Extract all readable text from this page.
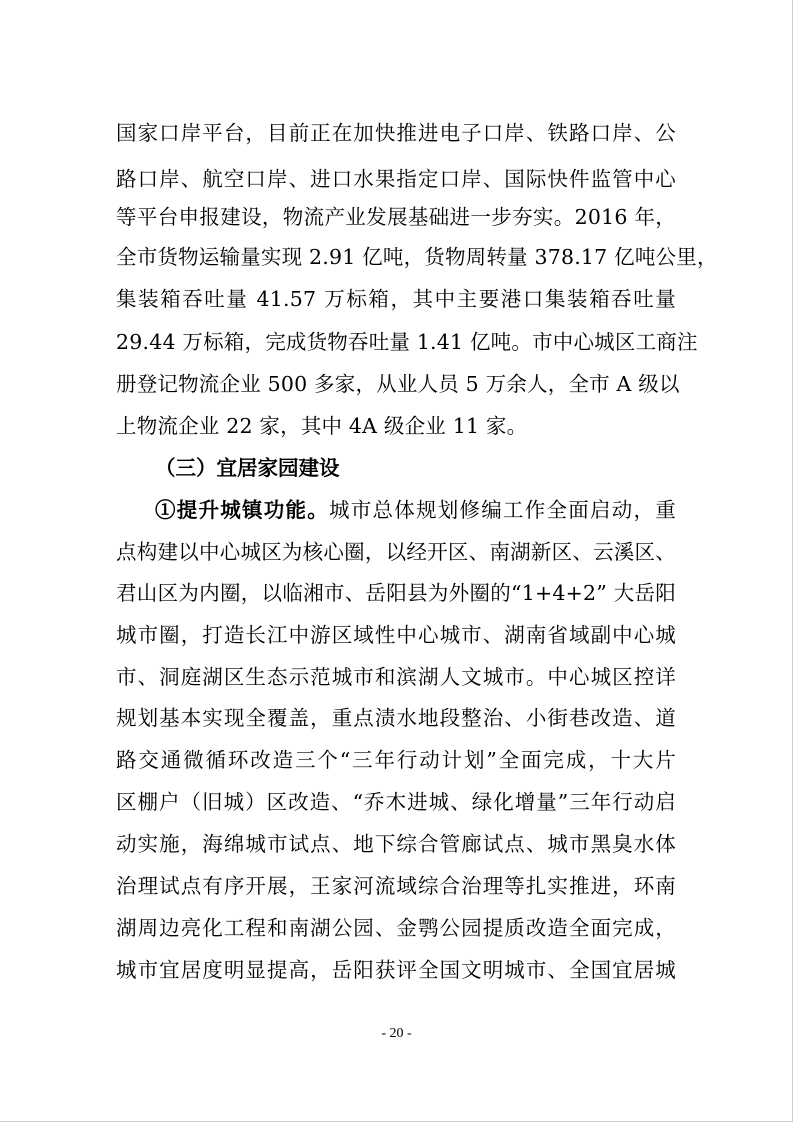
国家口岸平台，目前正在加快推进电子口岸、铁路口岸、公
路口岸、航空口岸、进口水果指定口岸、国际快件监管中心
等平台申报建设，物流产业发展基础进一步夯实。2016 年，
全市货物运输量实现 2.91 亿吨，货物周转量 378.17 亿吨公里，
集装箱吞吐量 41.57 万标箱，其中主要港口集装箱吞吐量
29.44 万标箱，完成货物吞吐量 1.41 亿吨。市中心城区工商注
册登记物流企业 500 多家，从业人员 5 万余人，全市 A 级以
上物流企业 22 家，其中 4A 级企业 11 家。
（三）宜居家园建设
①提升城镇功能。城市总体规划修编工作全面启动，重
点构建以中心城区为核心圈，以经开区、南湖新区、云溪区、
君山区为内圈，以临湘市、岳阳县为外圈的“1+4+2” 大岳阳
城市圈，打造长江中游区域性中心城市、湖南省域副中心城
市、洞庭湖区生态示范城市和滨湖人文城市。中心城区控详
规划基本实现全覆盖，重点渍水地段整治、小街巷改造、道
路交通微循环改造三个“三年行动计划”全面完成，十大片
区棚户（旧城）区改造、“乔木进城、绿化增量”三年行动启
动实施，海绵城市试点、地下综合管廊试点、城市黑臭水体
治理试点有序开展，王家河流域综合治理等扎实推进，环南
湖周边亮化工程和南湖公园、金鹗公园提质改造全面完成，
城市宜居度明显提高，岳阳获评全国文明城市、全国宜居城
- 20 -
